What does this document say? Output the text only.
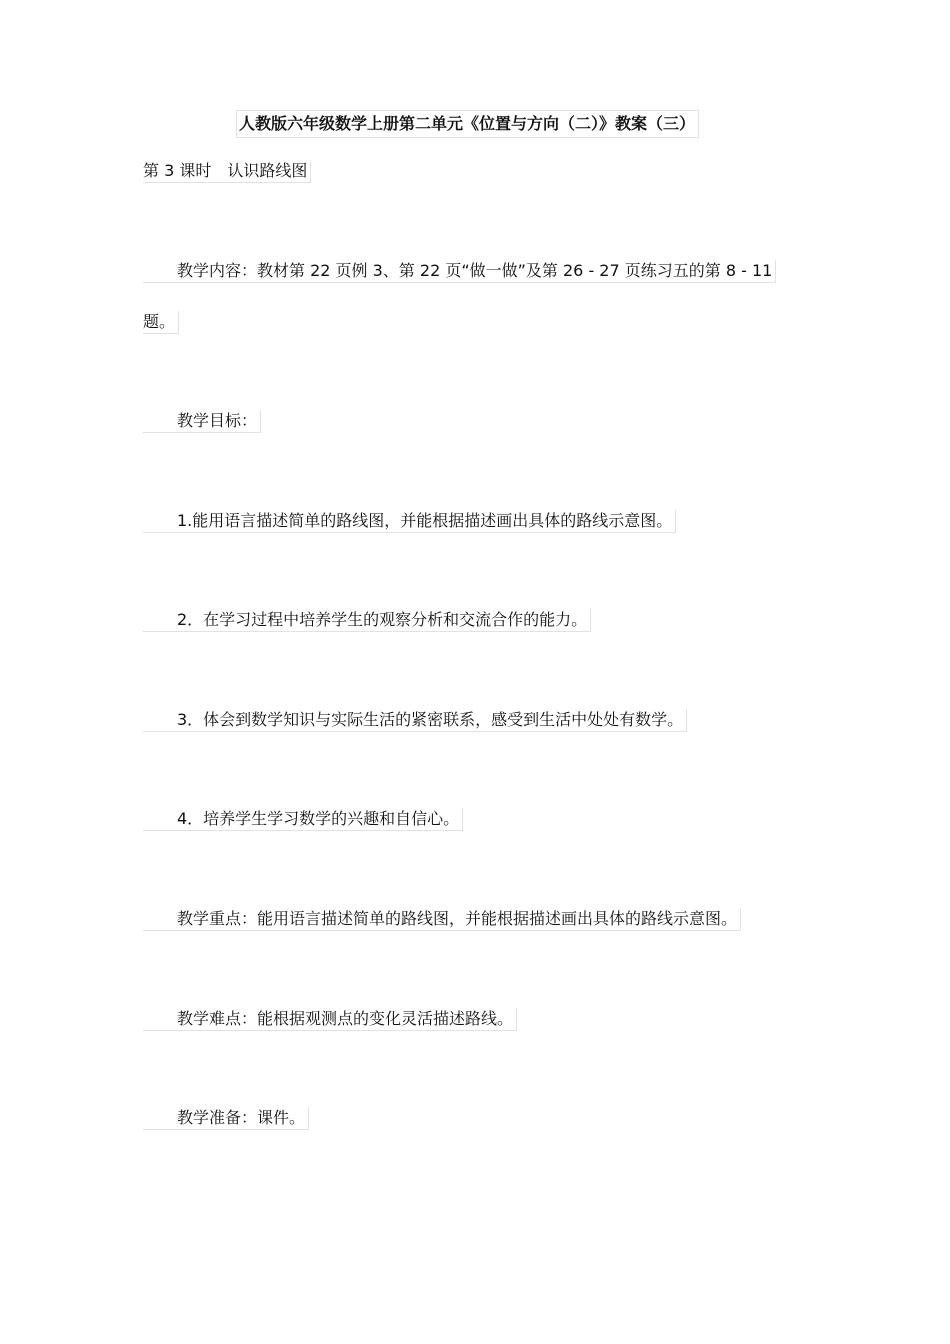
人教版六年级数学上册第二单元《位置与方向（二）》教案（三）
第 3 课时　认识路线图
教学内容：教材第 22 页例 3、第 22 页“做一做”及第 26 - 27 页练习五的第 8 - 11
题。
教学目标：
1.能用语言描述简单的路线图，并能根据描述画出具体的路线示意图。
2．在学习过程中培养学生的观察分析和交流合作的能力。
3．体会到数学知识与实际生活的紧密联系，感受到生活中处处有数学。
4．培养学生学习数学的兴趣和自信心。
教学重点：能用语言描述简单的路线图，并能根据描述画出具体的路线示意图。
教学难点：能根据观测点的变化灵活描述路线。
教学准备：课件。
